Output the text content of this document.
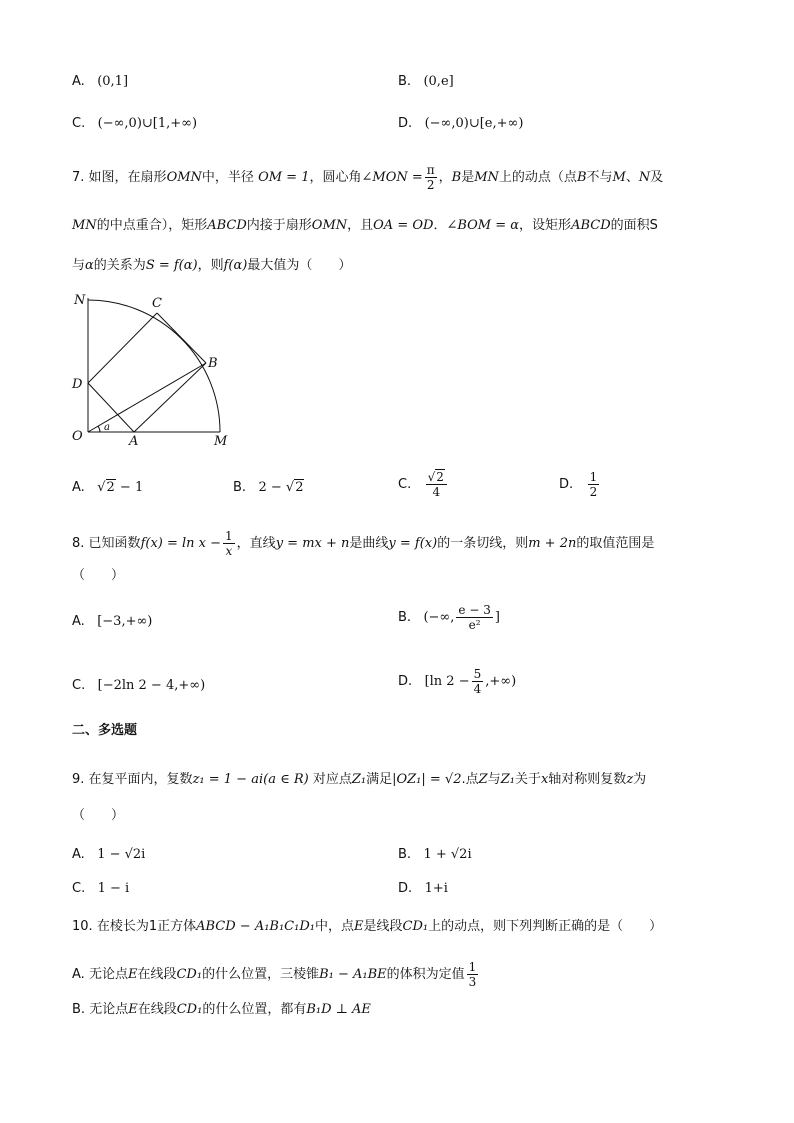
A. (0,1]	B. (0,e]
C. (−∞,0)∪[1,+∞)	D. (−∞,0)∪[e,+∞)
7. 如图，在扇形OMN中，半径 OM = 1，圆心角∠MON = $\frac{\pi}{2}$ ，B是MN上的动点（点B不与M、N及
MN的中点重合），矩形ABCD内接于扇形OMN，且OA = OD．∠BOM = α，设矩形ABCD的面积S
与α的关系为S = f(α)，则f(α)最大值为（　　）
N	C
B
D
O	A	M
a
A. √2 − 1	B. 2 − √2	C. $\frac{√2}{4}$	D. $\frac{1}{2}$
8. 已知函数$f(x) = \ln x - \frac{1}{x}$ ，直线y = mx + n是曲线y = f(x)的一条切线，则m + 2n的取值范围是
（　　）
A. [−3,+∞)	B. (−∞, $\frac{e - 3}{\text{e²}}$ ]
C. [−2ln 2 − 4,+∞)	D. [ln $2 - \frac{5}{4}$ ,+∞)
二、多选题
9. 在复平面内，复数z₁ = 1 − ai(a ∈ R) 对应点Z₁满足|OZ₁| = √2.点Z与Z₁关于x轴对称则复数z为
（　　）
A. 1 − √2i	B. 1 + √2i
C. 1 − i	D. 1+i
10. 在棱长为1正方体ABCD − A₁B₁C₁D₁中，点E是线段CD₁上的动点，则下列判断正确的是（　　）
A. 无论点E在线段CD₁的什么位置，三棱锥B₁ − A₁BE的体积为定值 $\frac{1}{3}$
B. 无论点E在线段CD₁的什么位置，都有B₁D ⊥ AE
